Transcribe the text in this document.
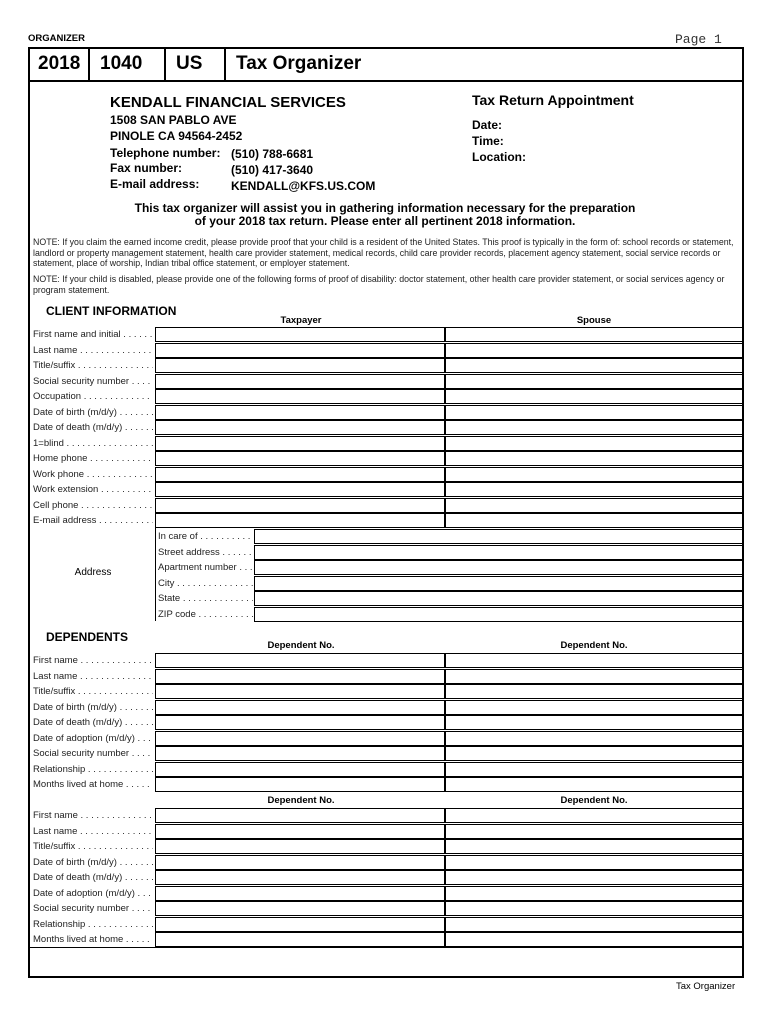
ORGANIZER	Page 1
2018	1040	US	Tax Organizer
KENDALL FINANCIAL SERVICES
1508 SAN PABLO AVE
PINOLE CA 94564-2452
Telephone number: (510) 788-6681
Fax number:	(510) 417-3640
E-mail address:	KENDALL@KFS.US.COM
Tax Return Appointment
Date:
Time:
Location:
This tax organizer will assist you in gathering information necessary for the preparation
of your 2018 tax return. Please enter all pertinent 2018 information.
NOTE: If you claim the earned income credit, please provide proof that your child is a resident of the United States. This proof is typically in the form of: school records or statement, landlord or property management statement, health care provider statement, medical records, child care provider records, placement agency statement, social service records or statement, place of worship, Indian tribal office statement, or employer statement.
NOTE: If your child is disabled, please provide one of the following forms of proof of disability: doctor statement, other health care provider statement, or social services agency or program statement.
CLIENT INFORMATION
Taxpayer	Spouse
First name and initial . . .
Last name . . .
Title/suffix . . .
Social security number . . .
Occupation . . .
Date of birth (m/d/y) . . .
Date of death (m/d/y) . . .
1=blind . . .
Home phone . . .
Work phone . . .
Work extension . . .
Cell phone . . .
E-mail address . . .
Address
In care of . . .
Street address . . .
Apartment number . . .
City . . .
State . . .
ZIP code . . .
DEPENDENTS
Dependent No.	Dependent No.
First name . . .
Last name . . .
Title/suffix . . .
Date of birth (m/d/y) . . .
Date of death (m/d/y) . . .
Date of adoption (m/d/y) . . .
Social security number . . .
Relationship . . .
Months lived at home . . .
Dependent No.	Dependent No.
First name . . .
Last name . . .
Title/suffix . . .
Date of birth (m/d/y) . . .
Date of death (m/d/y) . . .
Date of adoption (m/d/y) . . .
Social security number . . .
Relationship . . .
Months lived at home . . .
Tax Organizer
